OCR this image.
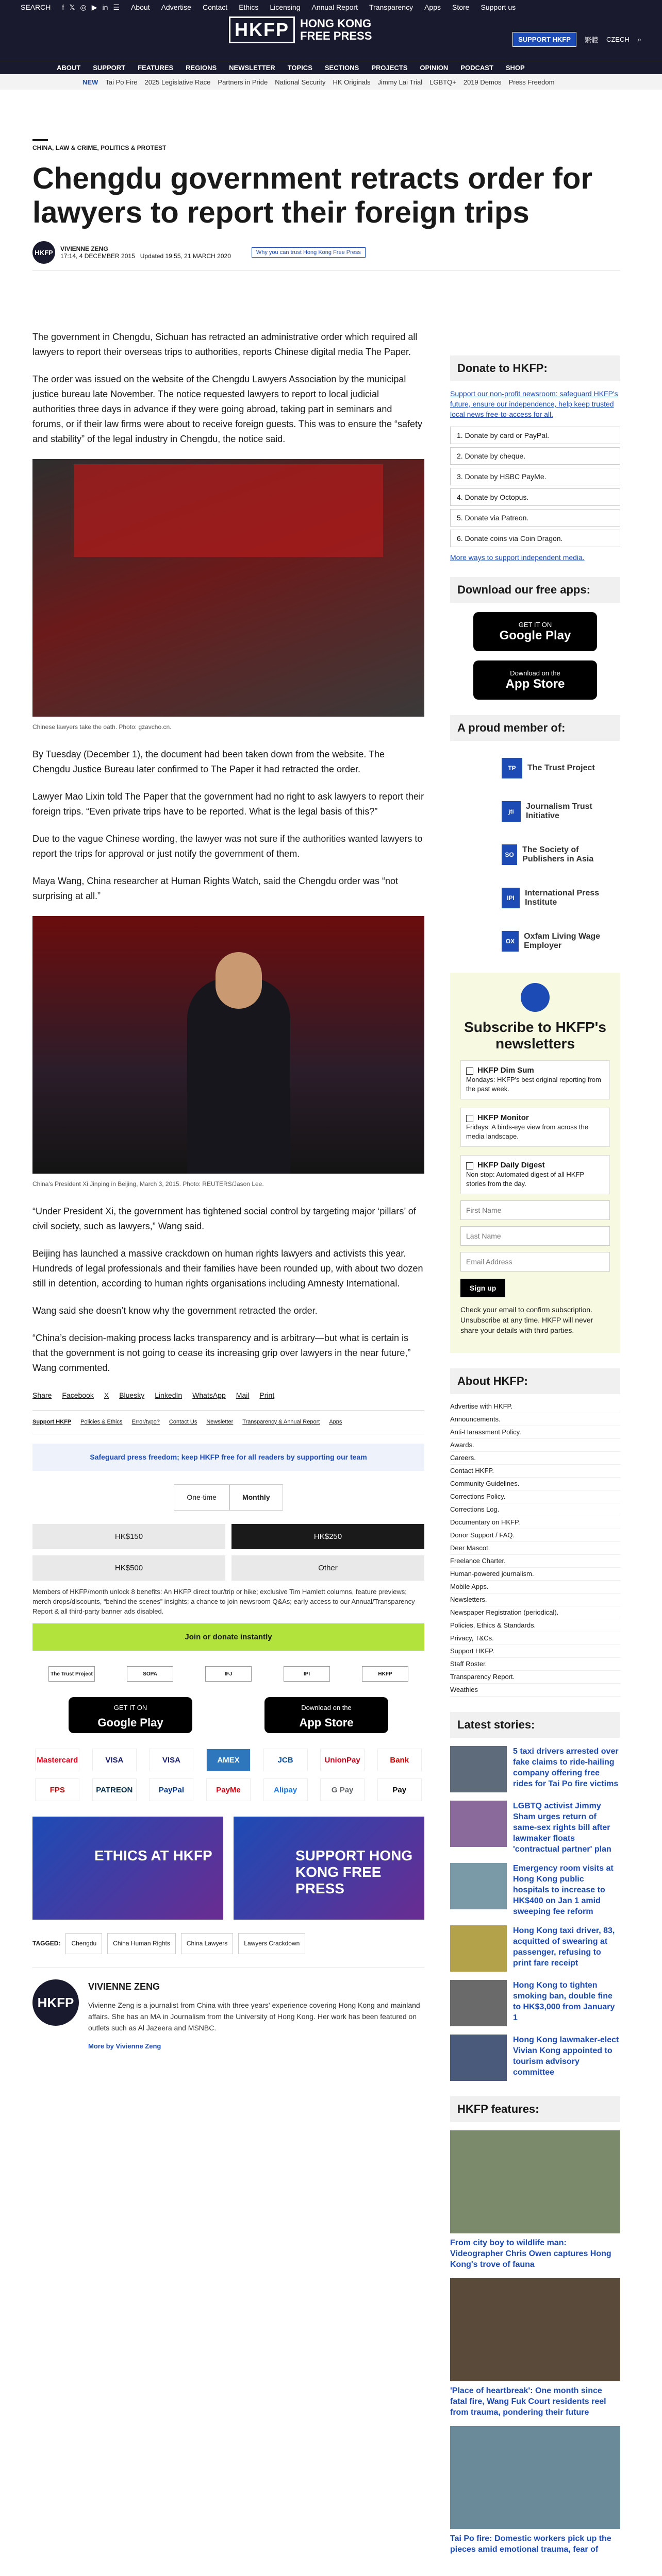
SEARCH f 𝕏 ◎ ▶ in ☰ About Advertise Contact Ethics Licensing Annual Report Transparency Apps Store Support us
HKFP HONG KONG
FREE PRESS	SUPPORT HKFP	繁體 CZECH ⌕
ABOUT SUPPORT FEATURES REGIONS NEWSLETTER TOPICS SECTIONS PROJECTS OPINION PODCAST SHOP
NEW Tai Po Fire 2025 Legislative Race Partners in Pride National Security HK Originals Jimmy Lai Trial LGBTQ+ 2019 Demos Press Freedom
CHINA, LAW & CRIME, POLITICS & PROTEST
Chengdu government retracts order for lawyers to report their foreign trips
HKFP	VIVIENNE ZENG
17:14, 4 DECEMBER 2015 Updated 19:55, 21 MARCH 2020	Why you can trust Hong Kong Free Press

The government in Chengdu, Sichuan has retracted an administrative order which required all lawyers to report their overseas trips to authorities, reports Chinese digital media The Paper.

The order was issued on the website of the Chengdu Lawyers Association by the municipal justice bureau late November. The notice requested lawyers to report to local judicial authorities three days in advance if they were going abroad, taking part in seminars and forums, or if their law firms were about to receive foreign guests. This was to ensure the “safety and stability” of the legal industry in Chengdu, the notice said.

Chinese lawyers take the oath. Photo: gzavcho.cn.

By Tuesday (December 1), the document had been taken down from the website. The Chengdu Justice Bureau later confirmed to The Paper it had retracted the order.

Lawyer Mao Lixin told The Paper that the government had no right to ask lawyers to report their foreign trips. “Even private trips have to be reported. What is the legal basis of this?”

Due to the vague Chinese wording, the lawyer was not sure if the authorities wanted lawyers to report the trips for approval or just notify the government of them.

Maya Wang, China researcher at Human Rights Watch, said the Chengdu order was “not surprising at all.”

China’s President Xi Jinping in Beijing, March 3, 2015. Photo: REUTERS/Jason Lee.

“Under President Xi, the government has tightened social control by targeting major ‘pillars’ of civil society, such as lawyers,” Wang said.

Beijing has launched a massive crackdown on human rights lawyers and activists this year. Hundreds of legal professionals and their families have been rounded up, with about two dozen still in detention, according to human rights organisations including Amnesty International.

Wang said she doesn’t know why the government retracted the order.

“China’s decision-making process lacks transparency and is arbitrary—but what is certain is that the government is not going to cease its increasing grip over lawyers in the near future,” Wang commented.

Share Facebook X Bluesky LinkedIn WhatsApp Mail Print
Support HKFP Policies & Ethics Error/typo? Contact Us Newsletter Transparency & Annual Report Apps
Safeguard press freedom; keep HKFP free for all readers by supporting our team
One-time	Monthly
HK$150	HK$250
HK$500	Other
Members of HKFP/month unlock 8 benefits: An HKFP direct tour/trip or hike; exclusive Tim Hamlett columns, feature previews; merch drops/discounts, “behind the scenes” insights; a chance to join newsroom Q&As; early access to our Annual/Transparency Report & all third-party banner ads disabled.
Join or donate instantly
The Trust Project	SOPA	IFJ	IPI	HKFP
GET IT ON
Google Play
Download on the
App Store
Mastercard	VISA	VISA	AMEX	JCB	UnionPay	Bank
FPS	PATREON	PayPal	PayMe	Alipay	G Pay	Pay
ETHICS AT HKFP	SUPPORT HONG KONG FREE PRESS
TAGGED:	Chengdu	China Human Rights	China Lawyers	Lawyers Crackdown
HKFP
VIVIENNE ZENG
Vivienne Zeng is a journalist from China with three years' experience covering Hong Kong and mainland affairs. She has an MA in Journalism from the University of Hong Kong. Her work has been featured on outlets such as Al Jazeera and MSNBC.
More by Vivienne Zeng
Donate to HKFP:
Support our non-profit newsroom: safeguard HKFP's future, ensure our independence, help keep trusted local news free-to-access for all.
1. Donate by card or PayPal.
2. Donate by cheque.
3. Donate by HSBC PayMe.
4. Donate by Octopus.
5. Donate via Patreon.
6. Donate coins via Coin Dragon.
More ways to support independent media.
Download our free apps:
GET IT ON
Google Play
Download on the
App Store
A proud member of:
TP	The Trust Project
jti
Journalism Trust Initiative
SO
The Society of Publishers in Asia
IPI
International Press Institute
OX
Oxfam Living Wage Employer
Subscribe to HKFP's newsletters
HKFP Dim Sum
Mondays: HKFP's best original reporting from the past week.
HKFP Monitor
Fridays: A birds-eye view from across the media landscape.
HKFP Daily Digest
Non stop: Automated digest of all HKFP stories from the day.
First Name
Last Name
Email Address
Sign up
Check your email to confirm subscription. Unsubscribe at any time. HKFP will never share your details with third parties.
About HKFP:
Advertise with HKFP.
Announcements.
Anti-Harassment Policy.
Awards.
Careers.
Contact HKFP.
Community Guidelines.
Corrections Policy.
Corrections Log.
Documentary on HKFP.
Donor Support / FAQ.
Deer Mascot.
Freelance Charter.
Human-powered journalism.
Mobile Apps.
Newsletters.
Newspaper Registration (periodical).
Policies, Ethics & Standards.
Privacy, T&Cs.
Support HKFP.
Staff Roster.
Transparency Report.
Weathies
Latest stories:
5 taxi drivers arrested over fake claims to ride-hailing company offering free rides for Tai Po fire victims
LGBTQ activist Jimmy Sham urges return of same-sex rights bill after lawmaker floats 'contractual partner' plan
Emergency room visits at Hong Kong public hospitals to increase to HK$400 on Jan 1 amid sweeping fee reform
Hong Kong taxi driver, 83, acquitted of swearing at passenger, refusing to print fare receipt
Hong Kong to tighten smoking ban, double fine to HK$3,000 from January 1
Hong Kong lawmaker-elect Vivian Kong appointed to tourism advisory committee
HKFP features:
From city boy to wildlife man: Videographer Chris Owen captures Hong Kong's trove of fauna
'Place of heartbreak': One month since fatal fire, Wang Fuk Court residents reel from trauma, pondering their future
Tai Po fire: Domestic workers pick up the pieces amid emotional trauma, fear of
